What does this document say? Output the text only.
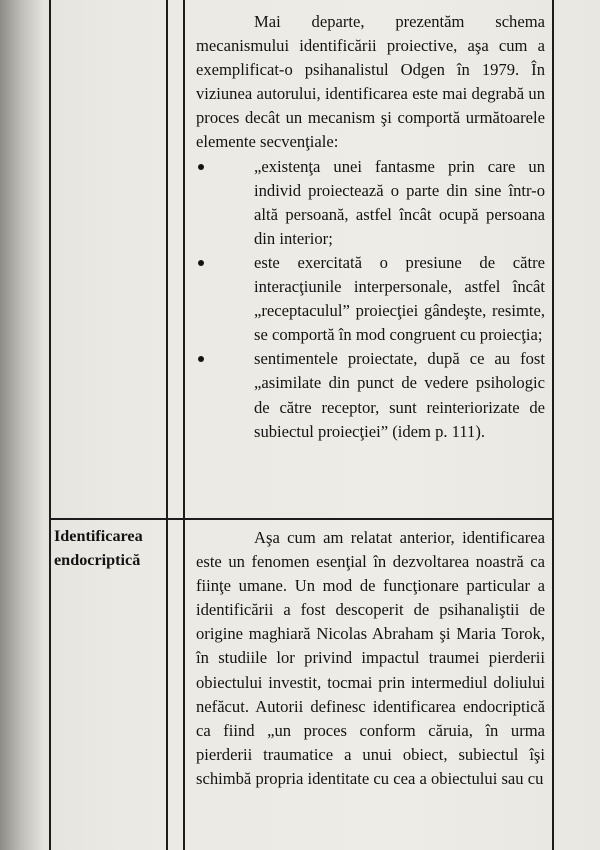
Mai departe, prezentăm schema mecanismului identificării proiective, aşa cum a exemplificat-o psihanalistul Odgen în 1979. În viziunea autorului, identificarea este mai degrabă un proces decât un mecanism şi comportă următoarele elemente secvenţiale:

„existenţa unei fantasme prin care un individ proiectează o parte din sine într-o altă persoană, astfel încât ocupă persoana din interior;
este exercitată o presiune de către interacţiunile interpersonale, astfel încât „receptaculul” proiecţiei gândeşte, resimte, se comportă în mod congruent cu proiecţia;
sentimentele proiectate, după ce au fost „asimilate din punct de vedere psihologic de către receptor, sunt reinteriorizate de subiectul proiecţiei” (idem p. 111).
Identificarea
endocriptică

Aşa cum am relatat anterior, identificarea este un fenomen esenţial în dezvoltarea noastră ca fiinţe umane. Un mod de funcţionare particular a identificării a fost descoperit de psihanaliştii de origine maghiară Nicolas Abraham şi Maria Torok, în studiile lor privind impactul traumei pierderii obiectului investit, tocmai prin intermediul doliului nefăcut. Autorii definesc identificarea endocriptică ca fiind „un proces conform căruia, în urma pierderii traumatice a unui obiect, subiectul îşi schimbă propria identitate cu cea a obiectului sau cu
